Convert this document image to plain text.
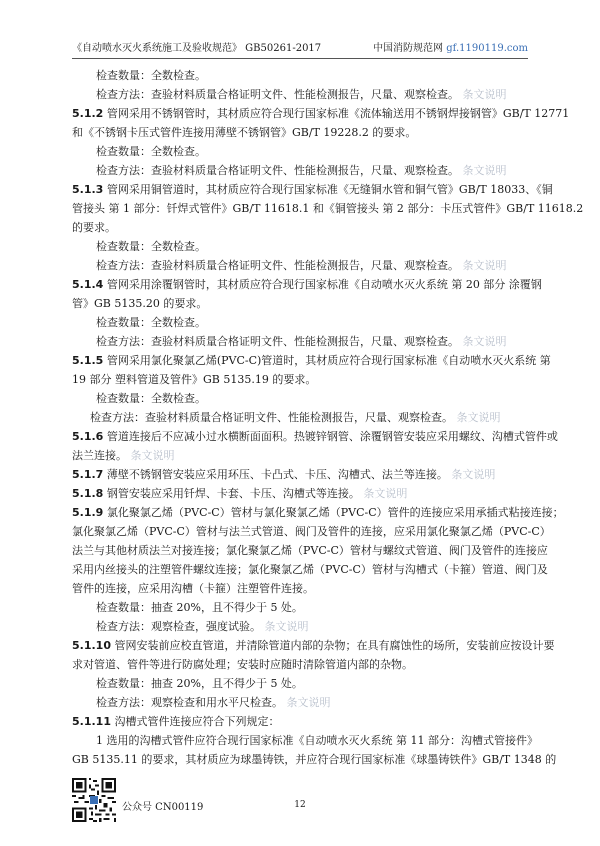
《自动喷水灭火系统施工及验收规范》 GB50261-2017	中国消防规范网 gf.1190119.com
检查数量：全数检查。
检查方法：查验材料质量合格证明文件、性能检测报告，尺量、观察检查。 条文说明
5.1.2 管网采用不锈钢管时，其材质应符合现行国家标准《流体输送用不锈钢焊接钢管》GB/T 12771
和《不锈钢卡压式管件连接用薄壁不锈钢管》GB/T 19228.2 的要求。
检查数量：全数检查。
检查方法：查验材料质量合格证明文件、性能检测报告，尺量、观察检查。 条文说明
5.1.3 管网采用铜管道时，其材质应符合现行国家标准《无缝铜水管和铜气管》GB/T 18033、《铜
管接头 第 1 部分：钎焊式管件》GB/T 11618.1 和《铜管接头 第 2 部分：卡压式管件》GB/T 11618.2
的要求。
检查数量：全数检查。
检查方法：查验材料质量合格证明文件、性能检测报告，尺量、观察检查。 条文说明
5.1.4 管网采用涂覆钢管时，其材质应符合现行国家标准《自动喷水灭火系统 第 20 部分 涂覆钢
管》GB 5135.20 的要求。
检查数量：全数检查。
检查方法：查验材料质量合格证明文件、性能检测报告，尺量、观察检查。 条文说明
5.1.5 管网采用氯化聚氯乙烯(PVC-C)管道时，其材质应符合现行国家标准《自动喷水灭火系统 第
19 部分 塑料管道及管件》GB 5135.19 的要求。
检查数量：全数检查。
检查方法：查验材料质量合格证明文件、性能检测报告，尺量、观察检查。 条文说明
5.1.6 管道连接后不应减小过水横断面面积。热镀锌钢管、涂覆钢管安装应采用螺纹、沟槽式管件或
法兰连接。 条文说明
5.1.7 薄壁不锈钢管安装应采用环压、卡凸式、卡压、沟槽式、法兰等连接。 条文说明
5.1.8 钢管安装应采用钎焊、卡套、卡压、沟槽式等连接。 条文说明
5.1.9 氯化聚氯乙烯（PVC-C）管材与氯化聚氯乙烯（PVC-C）管件的连接应采用承插式粘接连接；
氯化聚氯乙烯（PVC-C）管材与法兰式管道、阀门及管件的连接，应采用氯化聚氯乙烯（PVC-C）
法兰与其他材质法兰对接连接；氯化聚氯乙烯（PVC-C）管材与螺纹式管道、阀门及管件的连接应
采用内丝接头的注塑管件螺纹连接；氯化聚氯乙烯（PVC-C）管材与沟槽式（卡箍）管道、阀门及
管件的连接，应采用沟槽（卡箍）注塑管件连接。
检查数量：抽查 20%，且不得少于 5 处。
检查方法：观察检查，强度试验。 条文说明
5.1.10 管网安装前应校直管道，并清除管道内部的杂物；在具有腐蚀性的场所，安装前应按设计要
求对管道、管件等进行防腐处理；安装时应随时清除管道内部的杂物。
检查数量：抽查 20%，且不得少于 5 处。
检查方法：观察检查和用水平尺检查。 条文说明
5.1.11 沟槽式管件连接应符合下列规定：
1 选用的沟槽式管件应符合现行国家标准《自动喷水灭火系统 第 11 部分：沟槽式管接件》
GB 5135.11 的要求，其材质应为球墨铸铁，并应符合现行国家标准《球墨铸铁件》GB/T 1348 的
公众号 CN00119	12
